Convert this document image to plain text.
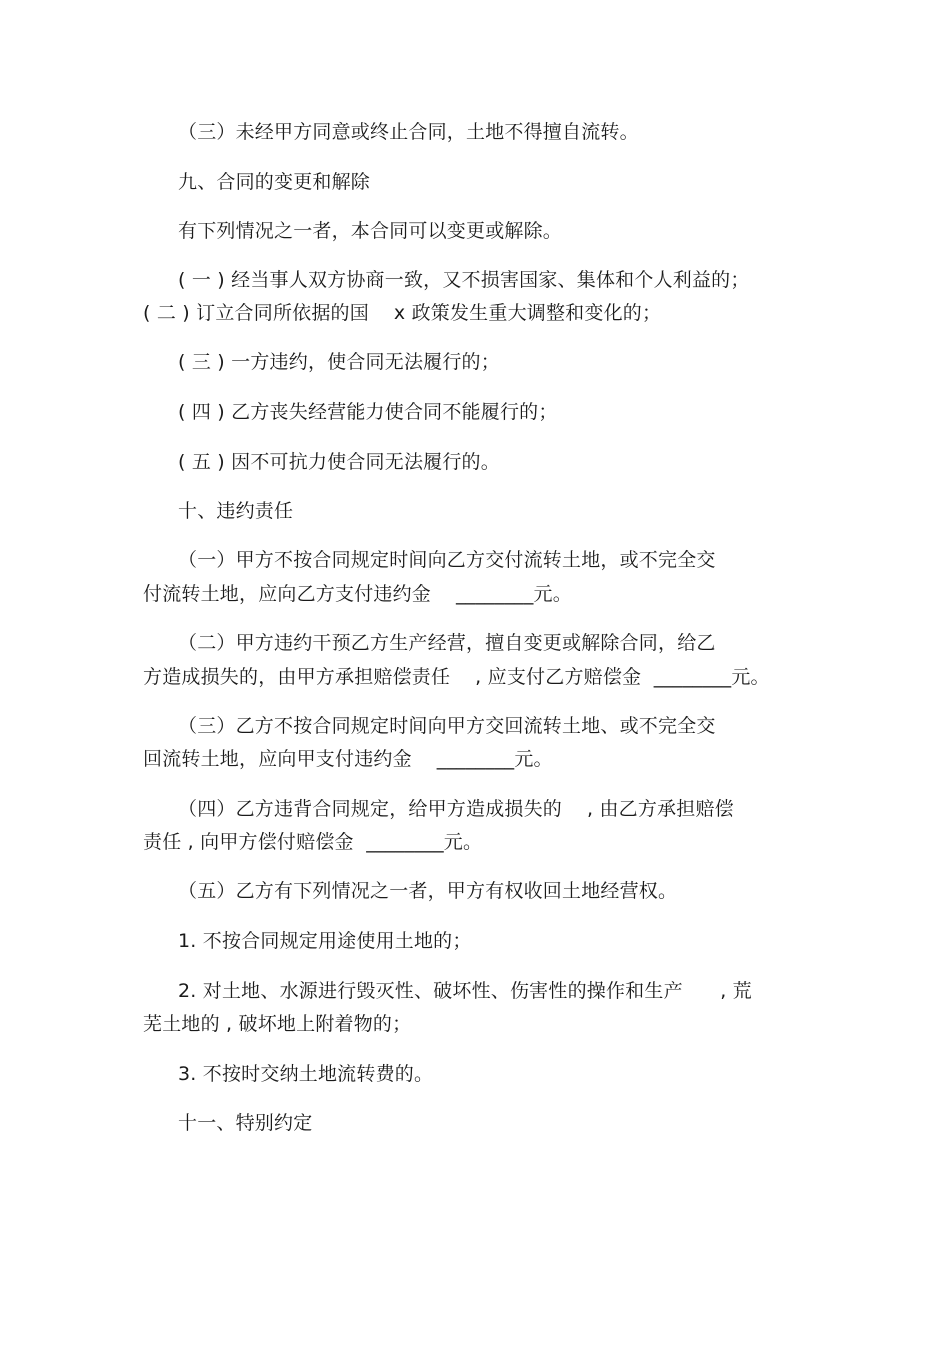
（三）未经甲方同意或终止合同，土地不得擅自流转。
九、合同的变更和解除
有下列情况之一者，本合同可以变更或解除。
( 一 ) 经当事人双方协商一致，又不损害国家、集体和个人利益的；
( 二 ) 订立合同所依据的国    x 政策发生重大调整和变化的；
( 三 ) 一方违约，使合同无法履行的；
( 四 ) 乙方丧失经营能力使合同不能履行的；
( 五 ) 因不可抗力使合同无法履行的。
十、违约责任
（一）甲方不按合同规定时间向乙方交付流转土地，或不完全交
付流转土地，应向乙方支付违约金    ________元。
（二）甲方违约干预乙方生产经营，擅自变更或解除合同，给乙
方造成损失的，由甲方承担赔偿责任    , 应支付乙方赔偿金  ________元。
（三）乙方不按合同规定时间向甲方交回流转土地、或不完全交
回流转土地，应向甲支付违约金    ________元。
（四）乙方违背合同规定，给甲方造成损失的    , 由乙方承担赔偿
责任 , 向甲方偿付赔偿金  ________元。
（五）乙方有下列情况之一者，甲方有权收回土地经营权。
1. 不按合同规定用途使用土地的；
2. 对土地、水源进行毁灭性、破坏性、伤害性的操作和生产      , 荒
芜土地的 , 破坏地上附着物的；
3. 不按时交纳土地流转费的。
十一、特别约定
